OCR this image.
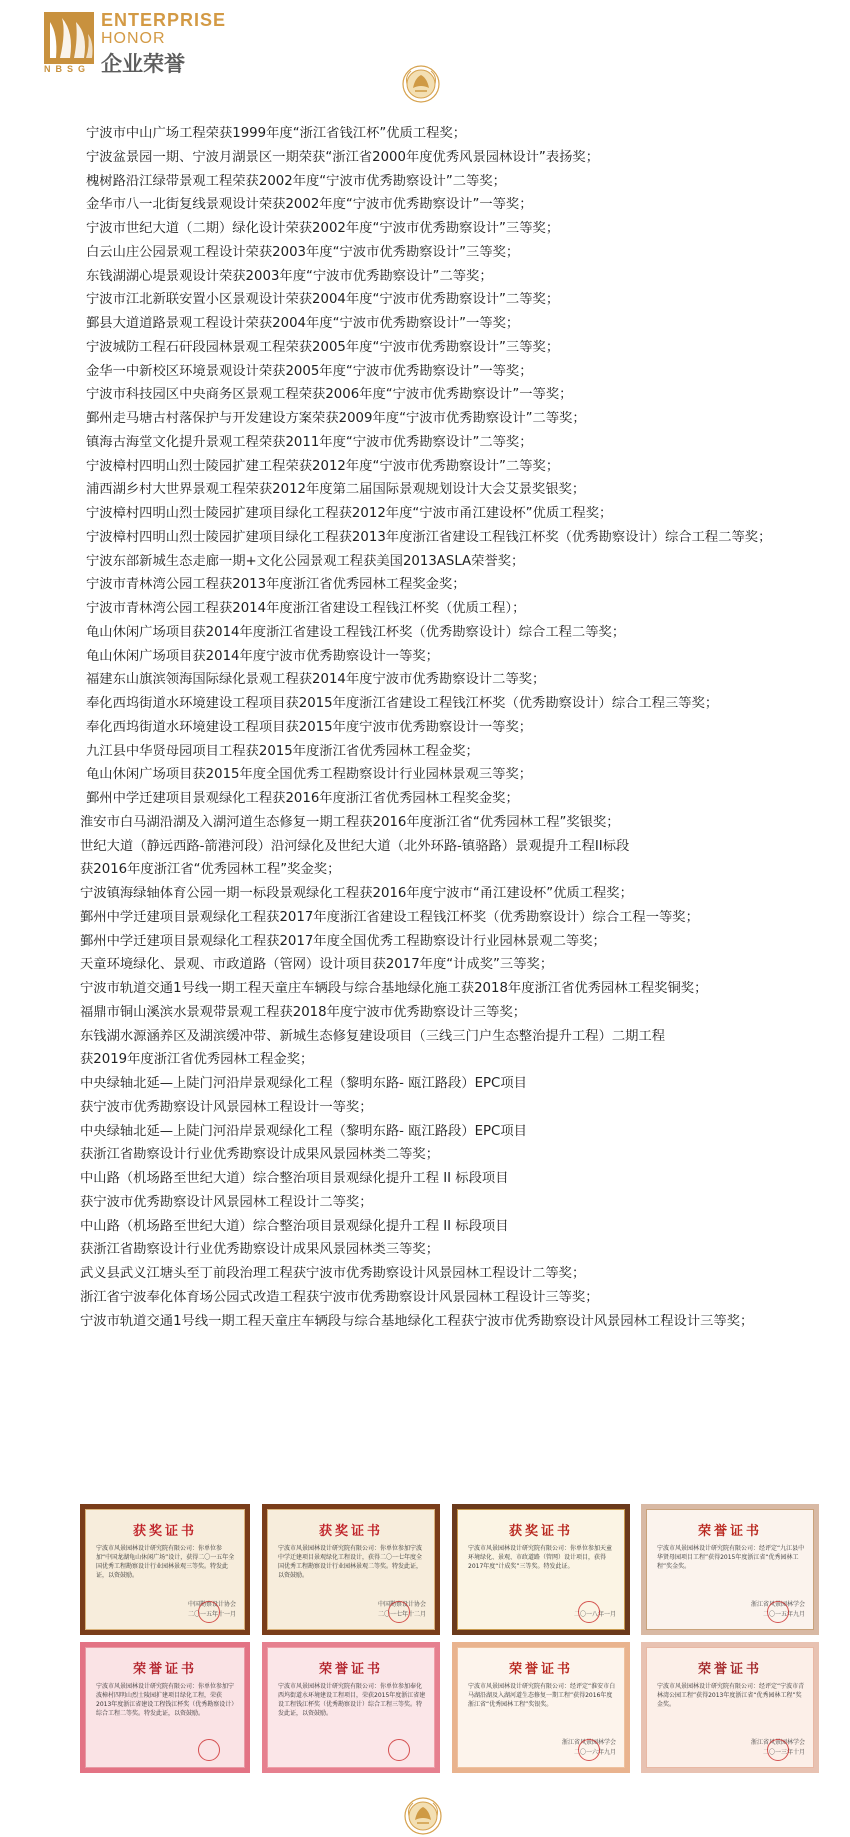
NBSG
ENTERPRISE
HONOR
企业荣誉
宁波市中山广场工程荣获1999年度“浙江省钱江杯”优质工程奖；
宁波盆景园一期、宁波月湖景区一期荣获“浙江省2000年度优秀风景园林设计”表扬奖；
槐树路沿江绿带景观工程荣获2002年度“宁波市优秀勘察设计”二等奖；
金华市八一北街复线景观设计荣获2002年度“宁波市优秀勘察设计”一等奖；
宁波市世纪大道（二期）绿化设计荣获2002年度“宁波市优秀勘察设计”三等奖；
白云山庄公园景观工程设计荣获2003年度“宁波市优秀勘察设计”三等奖；
东钱湖湖心堤景观设计荣获2003年度“宁波市优秀勘察设计”二等奖；
宁波市江北新联安置小区景观设计荣获2004年度“宁波市优秀勘察设计”二等奖；
鄞县大道道路景观工程设计荣获2004年度“宁波市优秀勘察设计”一等奖；
宁波城防工程石矸段园林景观工程荣获2005年度“宁波市优秀勘察设计”三等奖；
金华一中新校区环境景观设计荣获2005年度“宁波市优秀勘察设计”一等奖；
宁波市科技园区中央商务区景观工程荣获2006年度“宁波市优秀勘察设计”一等奖；
鄞州走马塘古村落保护与开发建设方案荣获2009年度“宁波市优秀勘察设计”二等奖；
镇海古海堂文化提升景观工程荣获2011年度“宁波市优秀勘察设计”二等奖；
宁波樟村四明山烈士陵园扩建工程荣获2012年度“宁波市优秀勘察设计”二等奖；
浦西湖乡村大世界景观工程荣获2012年度第二届国际景观规划设计大会艾景奖银奖；
宁波樟村四明山烈士陵园扩建项目绿化工程获2012年度“宁波市甬江建设杯”优质工程奖；
宁波樟村四明山烈士陵园扩建项目绿化工程获2013年度浙江省建设工程钱江杯奖（优秀勘察设计）综合工程二等奖；
宁波东部新城生态走廊一期+文化公园景观工程获美国2013ASLA荣誉奖；
宁波市青林湾公园工程获2013年度浙江省优秀园林工程奖金奖；
宁波市青林湾公园工程获2014年度浙江省建设工程钱江杯奖（优质工程）；
龟山休闲广场项目获2014年度浙江省建设工程钱江杯奖（优秀勘察设计）综合工程二等奖；
龟山休闲广场项目获2014年度宁波市优秀勘察设计一等奖；
福建东山旗滨领海国际绿化景观工程获2014年度宁波市优秀勘察设计二等奖；
奉化西坞街道水环境建设工程项目获2015年度浙江省建设工程钱江杯奖（优秀勘察设计）综合工程三等奖；
奉化西坞街道水环境建设工程项目获2015年度宁波市优秀勘察设计一等奖；
九江县中华贤母园项目工程获2015年度浙江省优秀园林工程金奖；
龟山休闲广场项目获2015年度全国优秀工程勘察设计行业园林景观三等奖；
鄞州中学迁建项目景观绿化工程获2016年度浙江省优秀园林工程奖金奖；
淮安市白马湖沿湖及入湖河道生态修复一期工程获2016年度浙江省“优秀园林工程”奖银奖；
世纪大道（静远西路-箭港河段）沿河绿化及世纪大道（北外环路-镇骆路）景观提升工程II标段
获2016年度浙江省“优秀园林工程”奖金奖；
宁波镇海绿轴体育公园一期一标段景观绿化工程获2016年度宁波市“甬江建设杯”优质工程奖；
鄞州中学迁建项目景观绿化工程获2017年度浙江省建设工程钱江杯奖（优秀勘察设计）综合工程一等奖；
鄞州中学迁建项目景观绿化工程获2017年度全国优秀工程勘察设计行业园林景观二等奖；
天童环境绿化、景观、市政道路（管网）设计项目获2017年度“计成奖”三等奖；
宁波市轨道交通1号线一期工程天童庄车辆段与综合基地绿化施工获2018年度浙江省优秀园林工程奖铜奖；
福鼎市铜山溪滨水景观带景观工程获2018年度宁波市优秀勘察设计三等奖；
东钱湖水源涵养区及湖滨缓冲带、新城生态修复建设项目（三线三门户生态整治提升工程）二期工程
获2019年度浙江省优秀园林工程金奖；
中央绿轴北延—上陡门河沿岸景观绿化工程（黎明东路- 瓯江路段）EPC项目
获宁波市优秀勘察设计风景园林工程设计一等奖；
中央绿轴北延—上陡门河沿岸景观绿化工程（黎明东路- 瓯江路段）EPC项目
获浙江省勘察设计行业优秀勘察设计成果风景园林类二等奖；
中山路（机场路至世纪大道）综合整治项目景观绿化提升工程 II 标段项目
获宁波市优秀勘察设计风景园林工程设计二等奖；
中山路（机场路至世纪大道）综合整治项目景观绿化提升工程 II 标段项目
获浙江省勘察设计行业优秀勘察设计成果风景园林类三等奖；
武义县武义江塘头至丁前段治理工程获宁波市优秀勘察设计风景园林工程设计二等奖；
浙江省宁波奉化体育场公园式改造工程获宁波市优秀勘察设计风景园林工程设计三等奖；
宁波市轨道交通1号线一期工程天童庄车辆段与综合基地绿化工程获宁波市优秀勘察设计风景园林工程设计三等奖；
获奖证书
宁波市风景园林设计研究院有限公司：你单位参加“中国龙湖龟山休闲广场”设计，获得二〇一五年全国优秀工程勘察设计行业园林景观三等奖。特发此证，以资鼓励。
中国勘察设计协会
二〇一五年十一月
获奖证书
宁波市风景园林设计研究院有限公司：你单位参加宁波中学迁建项目景观绿化工程设计，获得二〇一七年度全国优秀工程勘察设计行业园林景观二等奖。特发此证，以资鼓励。
中国勘察设计协会
二〇一七年十二月
获奖证书
宁波市风景园林设计研究院有限公司：你单位参加天童环境绿化、景观、市政道路（管网）设计项目，获得2017年度“计成奖”三等奖。特发此证。
二〇一八年一月
荣誉证书
宁波市风景园林设计研究院有限公司：经评定“九江县中华贤母园项目工程”获得2015年度浙江省“优秀园林工程”奖金奖。
浙江省风景园林学会
二〇一五年九月
荣誉证书
宁波市风景园林设计研究院有限公司：你单位参加宁波樟村四明山烈士陵园扩建项目绿化工程，荣获2013年度浙江省建设工程钱江杯奖（优秀勘察设计）综合工程二等奖。特发此证，以资鼓励。
荣誉证书
宁波市风景园林设计研究院有限公司：你单位参加奉化西坞街道水环境建设工程项目，荣获2015年度浙江省建设工程钱江杯奖（优秀勘察设计）综合工程三等奖。特发此证，以资鼓励。
荣誉证书
宁波市风景园林设计研究院有限公司：经评定“淮安市白马湖沿湖及入湖河道生态修复一期工程”获得2016年度浙江省“优秀园林工程”奖银奖。
浙江省风景园林学会
二〇一六年九月
荣誉证书
宁波市风景园林设计研究院有限公司：经评定“宁波市青林湾公园工程”获得2013年度浙江省“优秀园林工程”奖金奖。
浙江省风景园林学会
二〇一三年十月
